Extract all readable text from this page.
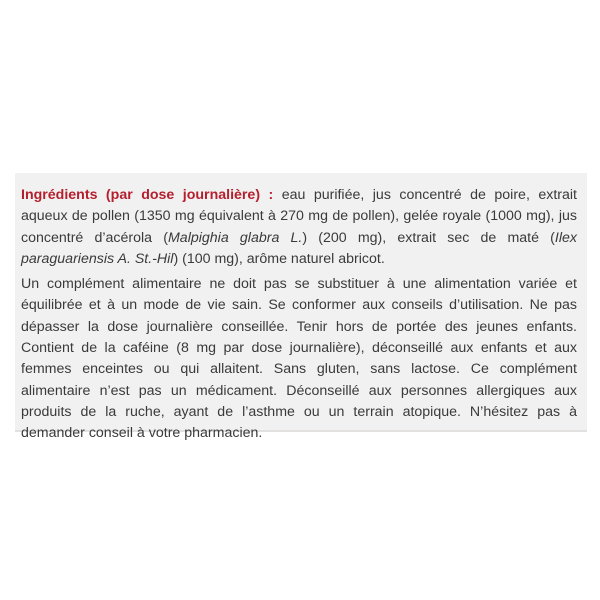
Ingrédients (par dose journalière) : eau purifiée, jus concentré de poire, extrait aqueux de pollen (1350 mg équivalent à 270 mg de pollen), gelée royale (1000 mg), jus concentré d’acérola (Malpighia glabra L.) (200 mg), extrait sec de maté (Ilex paraguariensis A. St.-Hil) (100 mg), arôme naturel abricot.

Un complément alimentaire ne doit pas se substituer à une alimentation variée et équilibrée et à un mode de vie sain. Se conformer aux conseils d’utilisation. Ne pas dépasser la dose journalière conseillée. Tenir hors de portée des jeunes enfants. Contient de la caféine (8 mg par dose journalière), déconseillé aux enfants et aux femmes enceintes ou qui allaitent. Sans gluten, sans lactose. Ce complément alimentaire n’est pas un médicament. Déconseillé aux personnes allergiques aux produits de la ruche, ayant de l’asthme ou un terrain atopique. N’hésitez pas à demander conseil à votre pharmacien.
